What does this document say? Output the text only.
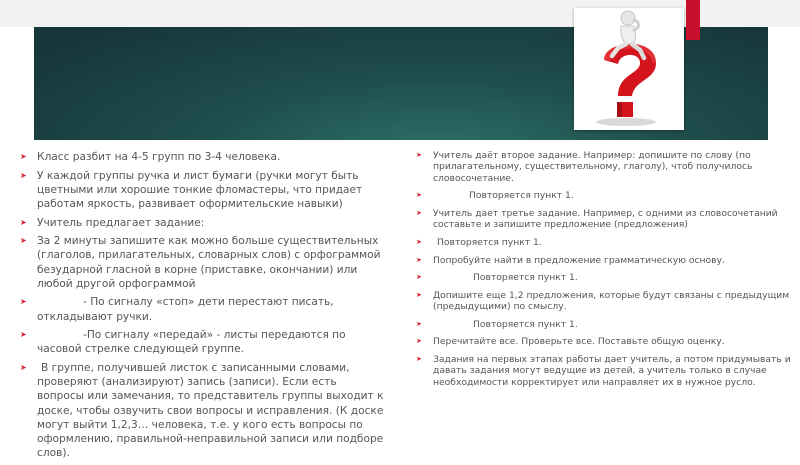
➤ Класс разбит на 4-5 групп по 3-4 человека.
➤ У каждой группы ручка и лист бумаги (ручки могут быть цветными или хорошие тонкие фломастеры, что придает работам яркость, развивает оформительские навыки)
➤ Учитель предлагает задание:
➤ За 2 минуты запишите как можно больше существительных (глаголов, прилагательных, словарных слов) с орфограммой безударной гласной в корне (приставке, окончании) или любой другой орфограммой
➤	- По сигналу «стоп» дети перестают писать, откладывают ручки.
➤	-По сигналу «передай» - листы передаются по часовой стрелке следующей группе.
➤ В группе, получившей листок с записанными словами, проверяют (анализируют) запись (записи). Если есть вопросы или замечания, то представитель группы выходит к доске, чтобы озвучить свои вопросы и исправления. (К доске могут выйти 1,2,3… человека, т.е. у кого есть вопросы по оформлению, правильной-неправильной записи или подборе слов).
➤ Учитель даёт второе задание. Например: допишите по слову (по прилагательному, существительному, глаголу), чтоб получилось словосочетание.
➤	Повторяется пункт 1.
➤ Учитель дает третье задание. Например, с одними из словосочетаний составьте и запишите предложение (предложения)
➤ Повторяется пункт 1.
➤ Попробуйте найти в предложение грамматическую основу.
➤	Повторяется пункт 1.
➤ Допишите еще 1,2 предложения, которые будут связаны с предыдущим (предыдущими) по смыслу.
➤	Повторяется пункт 1.
➤ Перечитайте все. Проверьте все. Поставьте общую оценку.
➤ Задания на первых этапах работы дает учитель, а потом придумывать и давать задания могут ведущие из детей, а учитель только в случае необходимости корректирует или направляет их в нужное русло.
